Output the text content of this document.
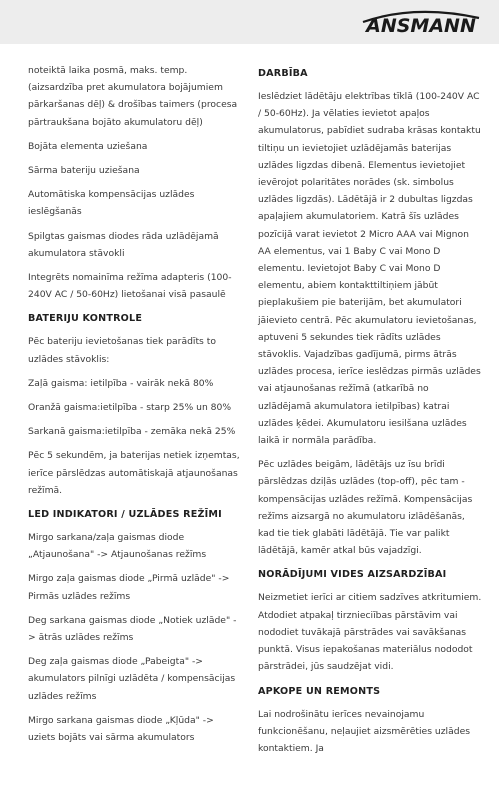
ANSMANN

noteiktā laika posmā, maks. temp. (aizsardzība pret akumulatora bojājumiem pārkaršanas dēļ) & drošības taimers (procesa pārtraukšana bojāto akumulatoru dēļ)

Bojāta elementa uziešana

Sārma bateriju uziešana

Automātiska kompensācijas uzlādes ieslēgšanās

Spilgtas gaismas diodes rāda uzlādējamā akumulatora stāvokli

Integrēts nomainīma režīma adapteris (100-240V AC / 50-60Hz) lietošanai visā pasaulē

BATERIJU KONTROLE

Pēc bateriju ievietošanas tiek parādīts to uzlādes stāvoklis:

Zaļā gaisma: ietilpība - vairāk nekā 80%

Oranžā gaisma:ietilpība - starp 25% un 80%

Sarkanā gaisma:ietilpība - zemāka nekā 25%

Pēc 5 sekundēm, ja baterijas netiek izņemtas, ierīce pārslēdzas automātiskajā atjaunošanas režīmā.

LED INDIKATORI / UZLĀDES REŽĪMI

Mirgo sarkana/zaļa gaismas diode „Atjaunošana" -> Atjaunošanas režīms

Mirgo zaļa gaismas diode „Pirmā uzlāde" -> Pirmās uzlādes režīms

Deg sarkana gaismas diode „Notiek uzlāde" -> ātrās uzlādes režīms

Deg zaļa gaismas diode „Pabeigta" -> akumulators pilnīgi uzlādēta / kompensācijas uzlādes režīms

Mirgo sarkana gaismas diode „Kļūda" -> uziets bojāts vai sārma akumulators

DARBĪBA

Ieslēdziet lādētāju elektrības tīklā (100-240V AC / 50-60Hz). Ja vēlaties ievietot apaļos akumulatorus, pabīdiet sudraba krāsas kontaktu tiltiņu un ievietojiet uzlādējamās baterijas uzlādes ligzdas dibenā. Elementus ievietojiet ievērojot polaritātes norādes (sk. simbolus uzlādes ligzdās). Lādētājā ir 2 dubultas ligzdas apaļajiem akumulatoriem. Katrā šīs uzlādes pozīcijā varat ievietot 2 Micro AAA vai Mignon AA elementus, vai 1 Baby C vai Mono D elementu. Ievietojot Baby C vai Mono D elementu, abiem kontakttiltiņiem jābūt pieplakušiem pie baterijām, bet akumulatori jāievieto centrā. Pēc akumulatoru ievietošanas, aptuveni 5 sekundes tiek rādīts uzlādes stāvoklis. Vajadzības gadījumā, pirms ātrās uzlādes procesa, ierīce ieslēdzas pirmās uzlādes vai atjaunošanas režīmā (atkarībā no uzlādējamā akumulatora ietilpības) katrai uzlādes ķēdei. Akumulatoru iesilšana uzlādes laikā ir normāla parādība.

Pēc uzlādes beigām, lādētājs uz īsu brīdi pārslēdzas dziļās uzlādes (top-off), pēc tam - kompensācijas uzlādes režīmā. Kompensācijas režīms aizsargā no akumulatoru izlādēšanās, kad tie tiek glabāti lādētājā. Tie var palikt lādētājā, kamēr atkal būs vajadzīgi.

NORĀDĪJUMI VIDES AIZSARDZĪBAI

Neizmetiet ierīci ar citiem sadzīves atkritumiem. Atdodiet atpakaļ tirznieciības pārstāvim vai nododiet tuvākajā pārstrādes vai savākšanas punktā. Visus iepakošanas materiālus nododot pārstrādei, jūs saudzējat vidi.

APKOPE UN REMONTS

Lai nodrošinātu ierīces nevainojamu funkcionēšanu, neļaujiet aizsmērēties uzlādes kontaktiem. Ja
